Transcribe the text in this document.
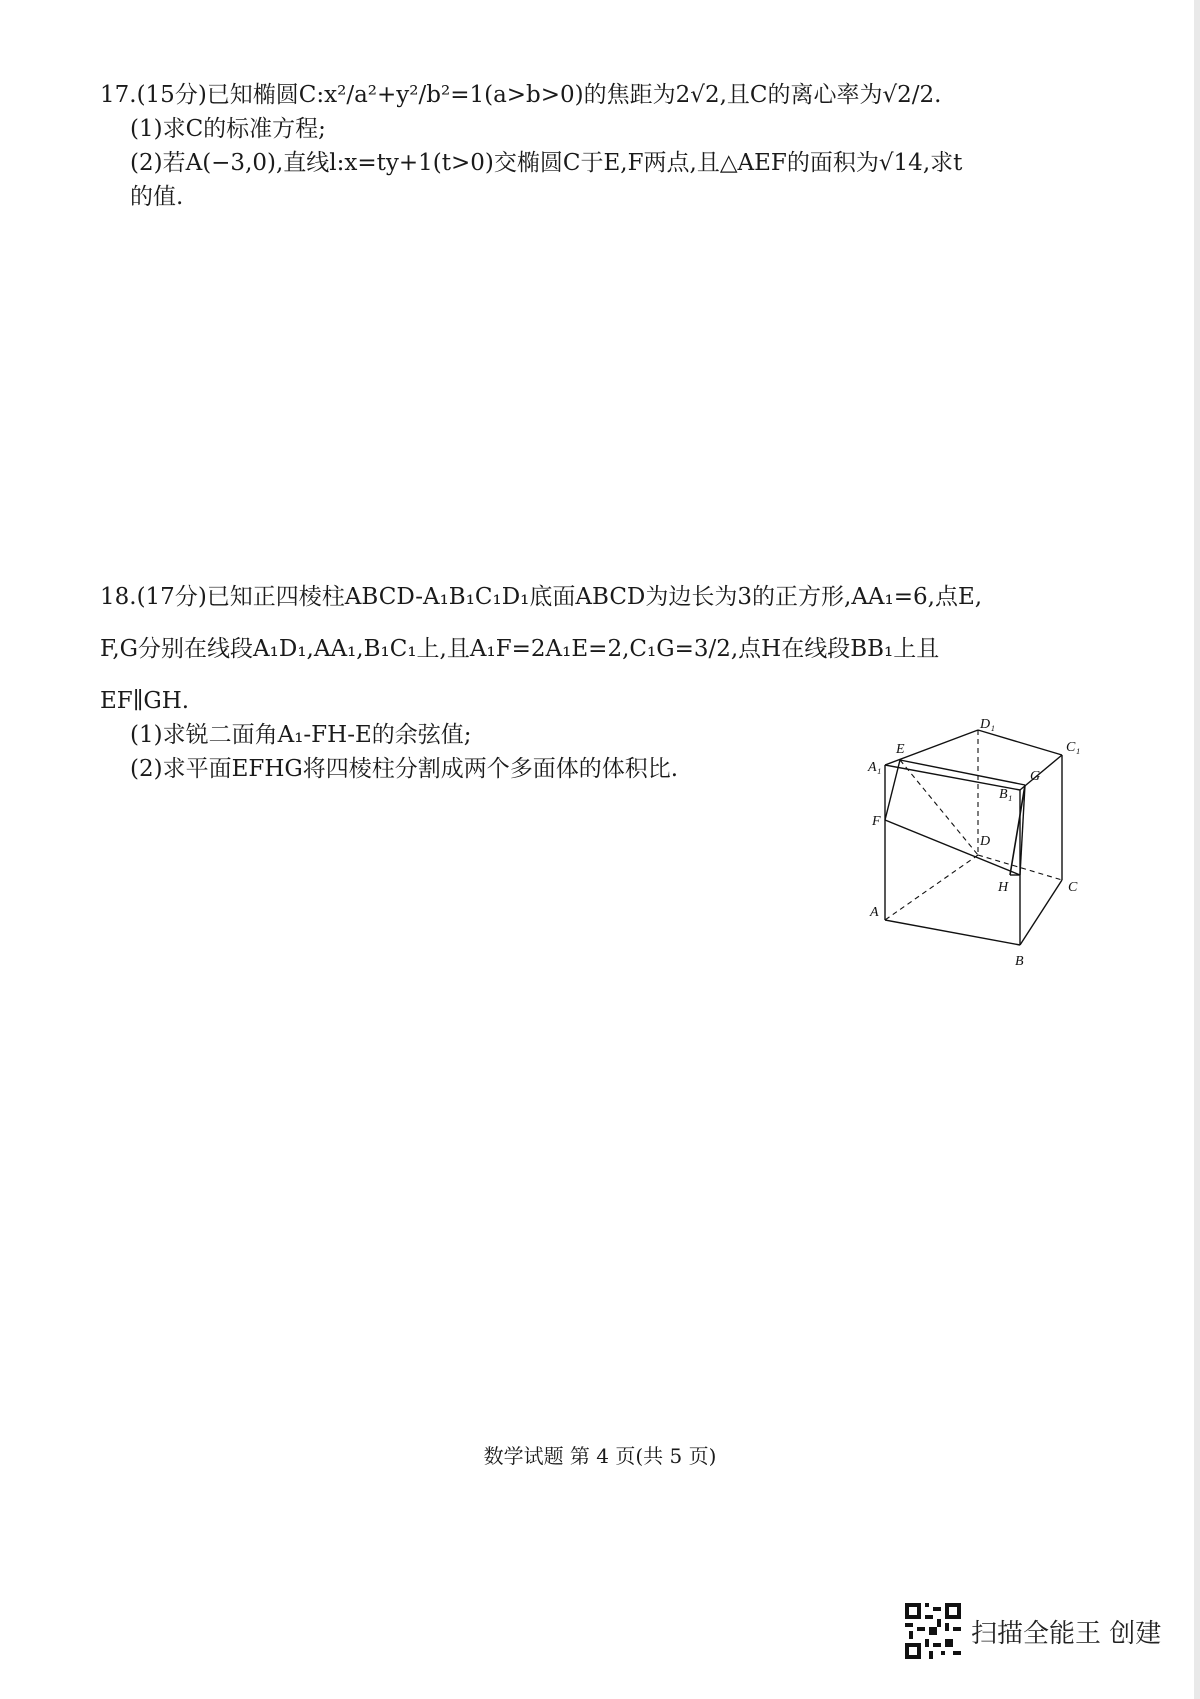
17.(15分)已知椭圆C:x²/a²+y²/b²=1(a>b>0)的焦距为2√2,且C的离心率为√2/2.
(1)求C的标准方程;
(2)若A(−3,0),直线l:x=ty+1(t>0)交椭圆C于E,F两点,且△AEF的面积为√14,求t
的值.
18.(17分)已知正四棱柱ABCD-A₁B₁C₁D₁底面ABCD为边长为3的正方形,AA₁=6,点E,
F,G分别在线段A₁D₁,AA₁,B₁C₁上,且A₁F=2A₁E=2,C₁G=3/2,点H在线段BB₁上且
EF∥GH.
(1)求锐二面角A₁-FH-E的余弦值;
(2)求平面EFHG将四棱柱分割成两个多面体的体积比.
D₁
C₁
E
A₁
G
B₁
F
D
H	C
A
B
数学试题 第 4 页(共 5 页)
扫描全能王 创建
